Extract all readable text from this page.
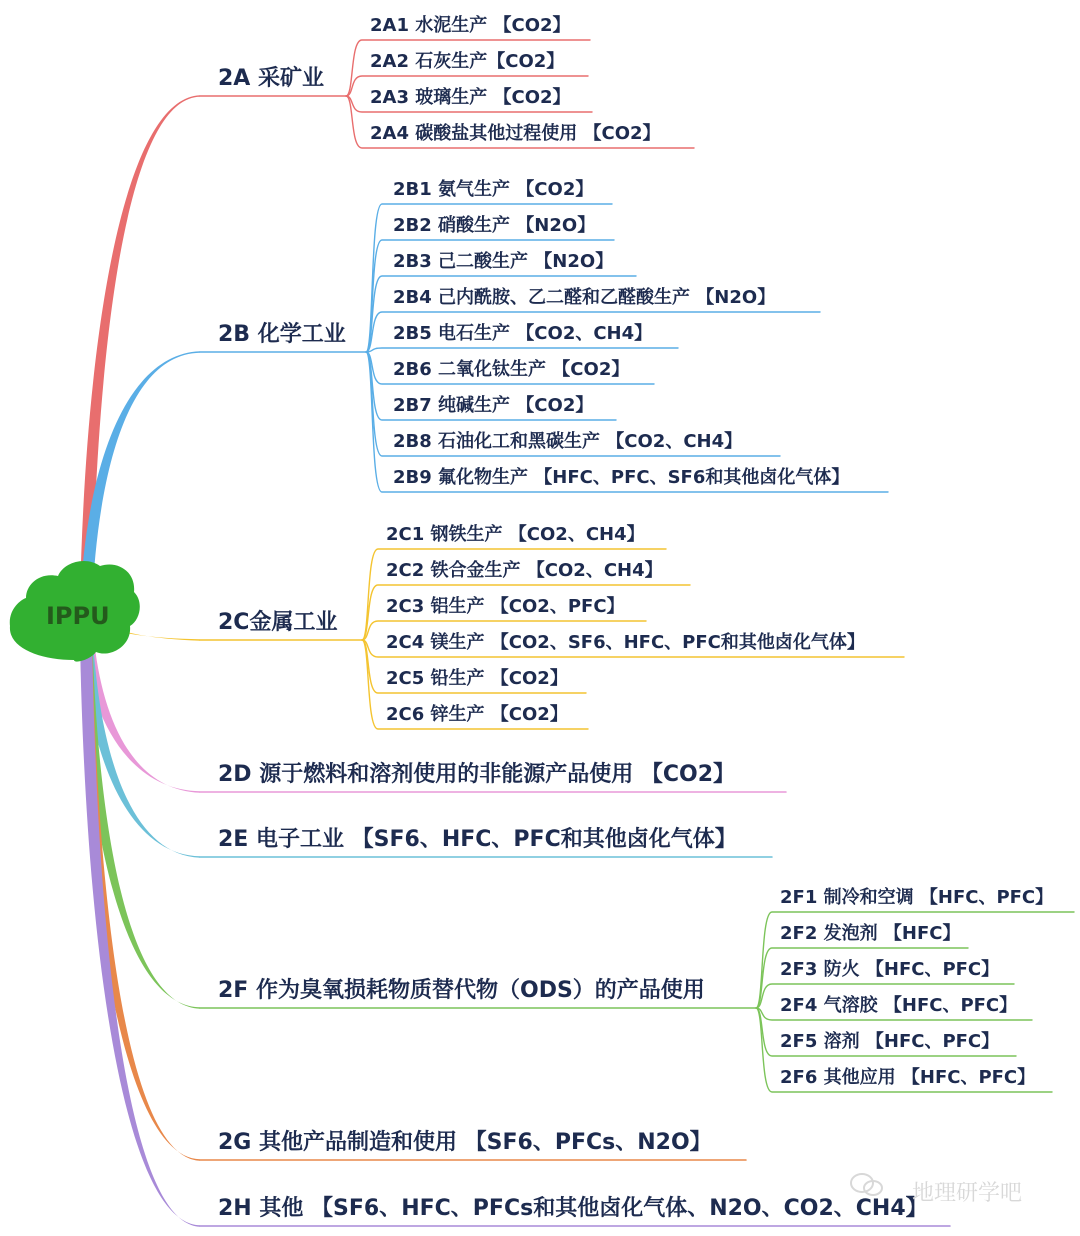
2A 采矿业
2A1 水泥生产 【CO2】
2A2 石灰生产【CO2】
2A3 玻璃生产 【CO2】
2A4 碳酸盐其他过程使用 【CO2】
2B 化学工业
2B1 氨气生产 【CO2】
2B2 硝酸生产 【N2O】
2B3 己二酸生产 【N2O】
2B4 己内酰胺、乙二醛和乙醛酸生产 【N2O】
2B5 电石生产 【CO2、CH4】
2B6 二氧化钛生产 【CO2】
2B7 纯碱生产 【CO2】
2B8 石油化工和黑碳生产 【CO2、CH4】
2B9 氟化物生产 【HFC、PFC、SF6和其他卤化气体】
2C金属工业
2C1 钢铁生产 【CO2、CH4】
2C2 铁合金生产 【CO2、CH4】
2C3 铝生产 【CO2、PFC】
2C4 镁生产 【CO2、SF6、HFC、PFC和其他卤化气体】
2C5 铅生产 【CO2】
2C6 锌生产 【CO2】
2D 源于燃料和溶剂使用的非能源产品使用 【CO2】
2E 电子工业 【SF6、HFC、PFC和其他卤化气体】
2F 作为臭氧损耗物质替代物（ODS）的产品使用
2F1 制冷和空调 【HFC、PFC】
2F2 发泡剂 【HFC】
2F3 防火 【HFC、PFC】
2F4 气溶胶 【HFC、PFC】
2F5 溶剂 【HFC、PFC】
2F6 其他应用 【HFC、PFC】
2G 其他产品制造和使用 【SF6、PFCs、N2O】
2H 其他 【SF6、HFC、PFCs和其他卤化气体、N2O、CO2、CH4】
IPPU
地理研学吧
